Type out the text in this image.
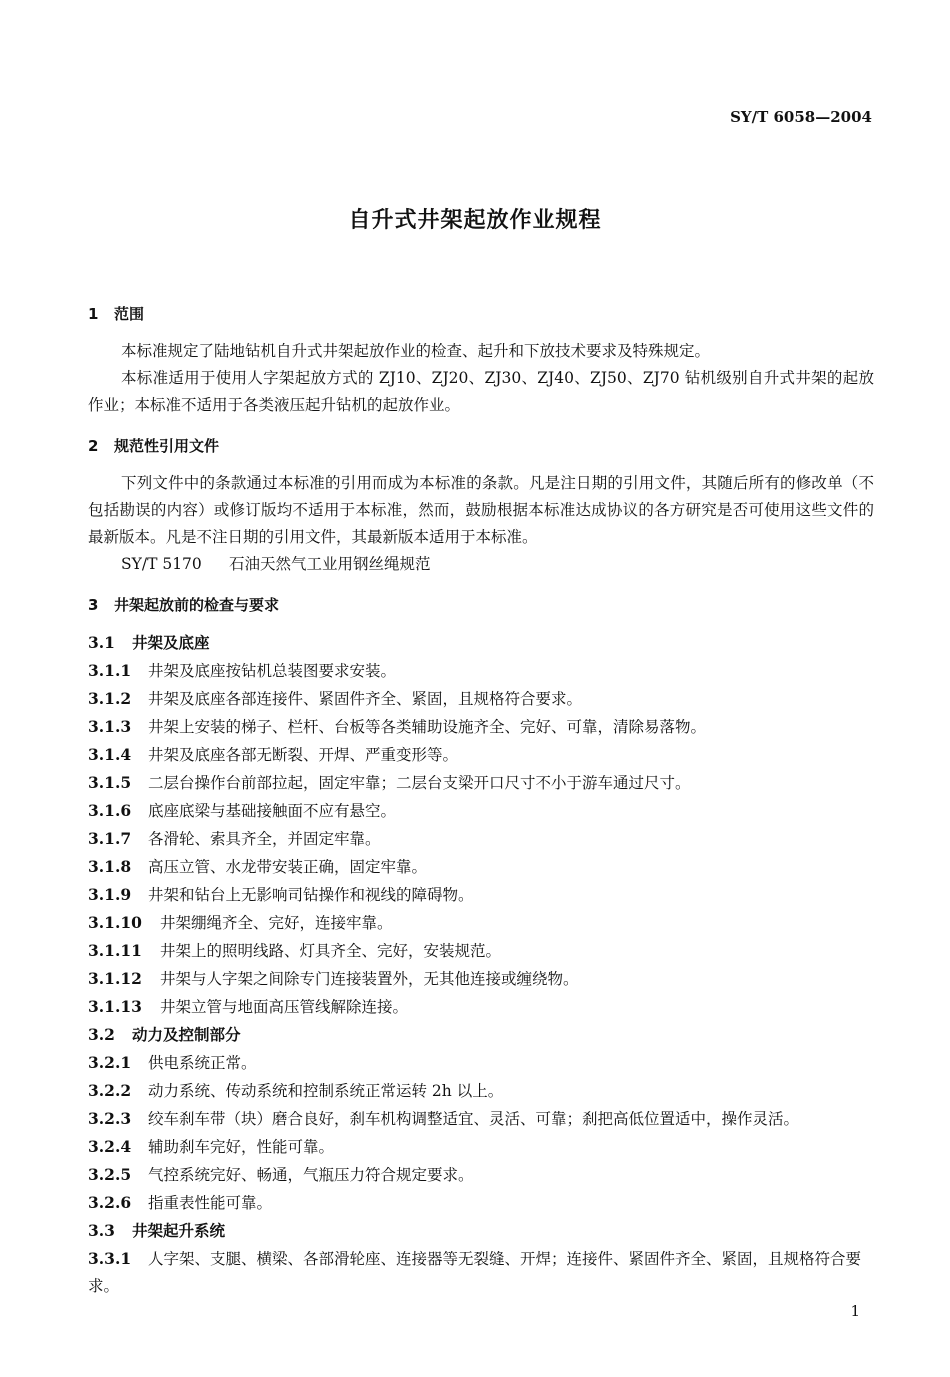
SY/T 6058—2004
自升式井架起放作业规程

1 范围

本标准规定了陆地钻机自升式井架起放作业的检查、起升和下放技术要求及特殊规定。

本标准适用于使用人字架起放方式的 ZJ10、ZJ20、ZJ30、ZJ40、ZJ50、ZJ70 钻机级别自升式井架的起放作业；本标准不适用于各类液压起升钻机的起放作业。

2 规范性引用文件

下列文件中的条款通过本标准的引用而成为本标准的条款。凡是注日期的引用文件，其随后所有的修改单（不包括勘误的内容）或修订版均不适用于本标准，然而，鼓励根据本标准达成协议的各方研究是否可使用这些文件的最新版本。凡是不注日期的引用文件，其最新版本适用于本标准。

SY/T 5170 石油天然气工业用钢丝绳规范

3 井架起放前的检查与要求

3.1 井架及底座

3.1.1 井架及底座按钻机总装图要求安装。

3.1.2 井架及底座各部连接件、紧固件齐全、紧固，且规格符合要求。

3.1.3 井架上安装的梯子、栏杆、台板等各类辅助设施齐全、完好、可靠，清除易落物。

3.1.4 井架及底座各部无断裂、开焊、严重变形等。

3.1.5 二层台操作台前部拉起，固定牢靠；二层台支梁开口尺寸不小于游车通过尺寸。

3.1.6 底座底梁与基础接触面不应有悬空。

3.1.7 各滑轮、索具齐全，并固定牢靠。

3.1.8 高压立管、水龙带安装正确，固定牢靠。

3.1.9 井架和钻台上无影响司钻操作和视线的障碍物。

3.1.10 井架绷绳齐全、完好，连接牢靠。

3.1.11 井架上的照明线路、灯具齐全、完好，安装规范。

3.1.12 井架与人字架之间除专门连接装置外，无其他连接或缠绕物。

3.1.13 井架立管与地面高压管线解除连接。

3.2 动力及控制部分

3.2.1 供电系统正常。

3.2.2 动力系统、传动系统和控制系统正常运转 2h 以上。

3.2.3 绞车刹车带（块）磨合良好，刹车机构调整适宜、灵活、可靠；刹把高低位置适中，操作灵活。

3.2.4 辅助刹车完好，性能可靠。

3.2.5 气控系统完好、畅通，气瓶压力符合规定要求。

3.2.6 指重表性能可靠。

3.3 井架起升系统

3.3.1 人字架、支腿、横梁、各部滑轮座、连接器等无裂缝、开焊；连接件、紧固件齐全、紧固，且规格符合要求。

1
